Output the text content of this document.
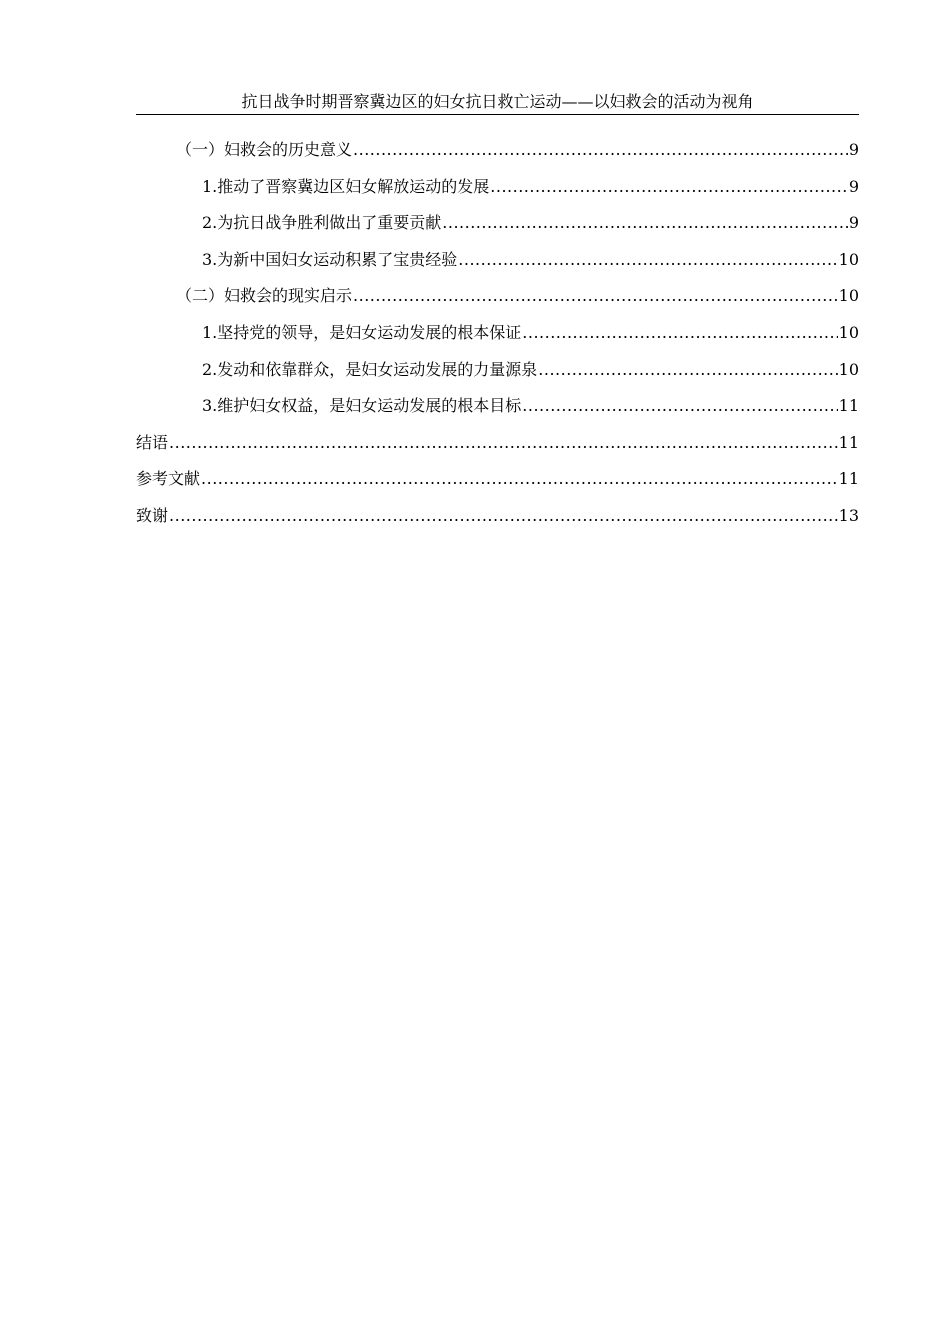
抗日战争时期晋察冀边区的妇女抗日救亡运动——以妇救会的活动为视角
（一）妇救会的历史意义 .....	9
1.推动了晋察冀边区妇女解放运动的发展 .....	9
2.为抗日战争胜利做出了重要贡献 .....	9
3.为新中国妇女运动积累了宝贵经验 .....	10
（二）妇救会的现实启示 .....	10
1.坚持党的领导，是妇女运动发展的根本保证 .....	10
2.发动和依靠群众，是妇女运动发展的力量源泉 .....	10
3.维护妇女权益，是妇女运动发展的根本目标 .....	11
结语 .....	11
参考文献 .....	11
致谢 .....	13
